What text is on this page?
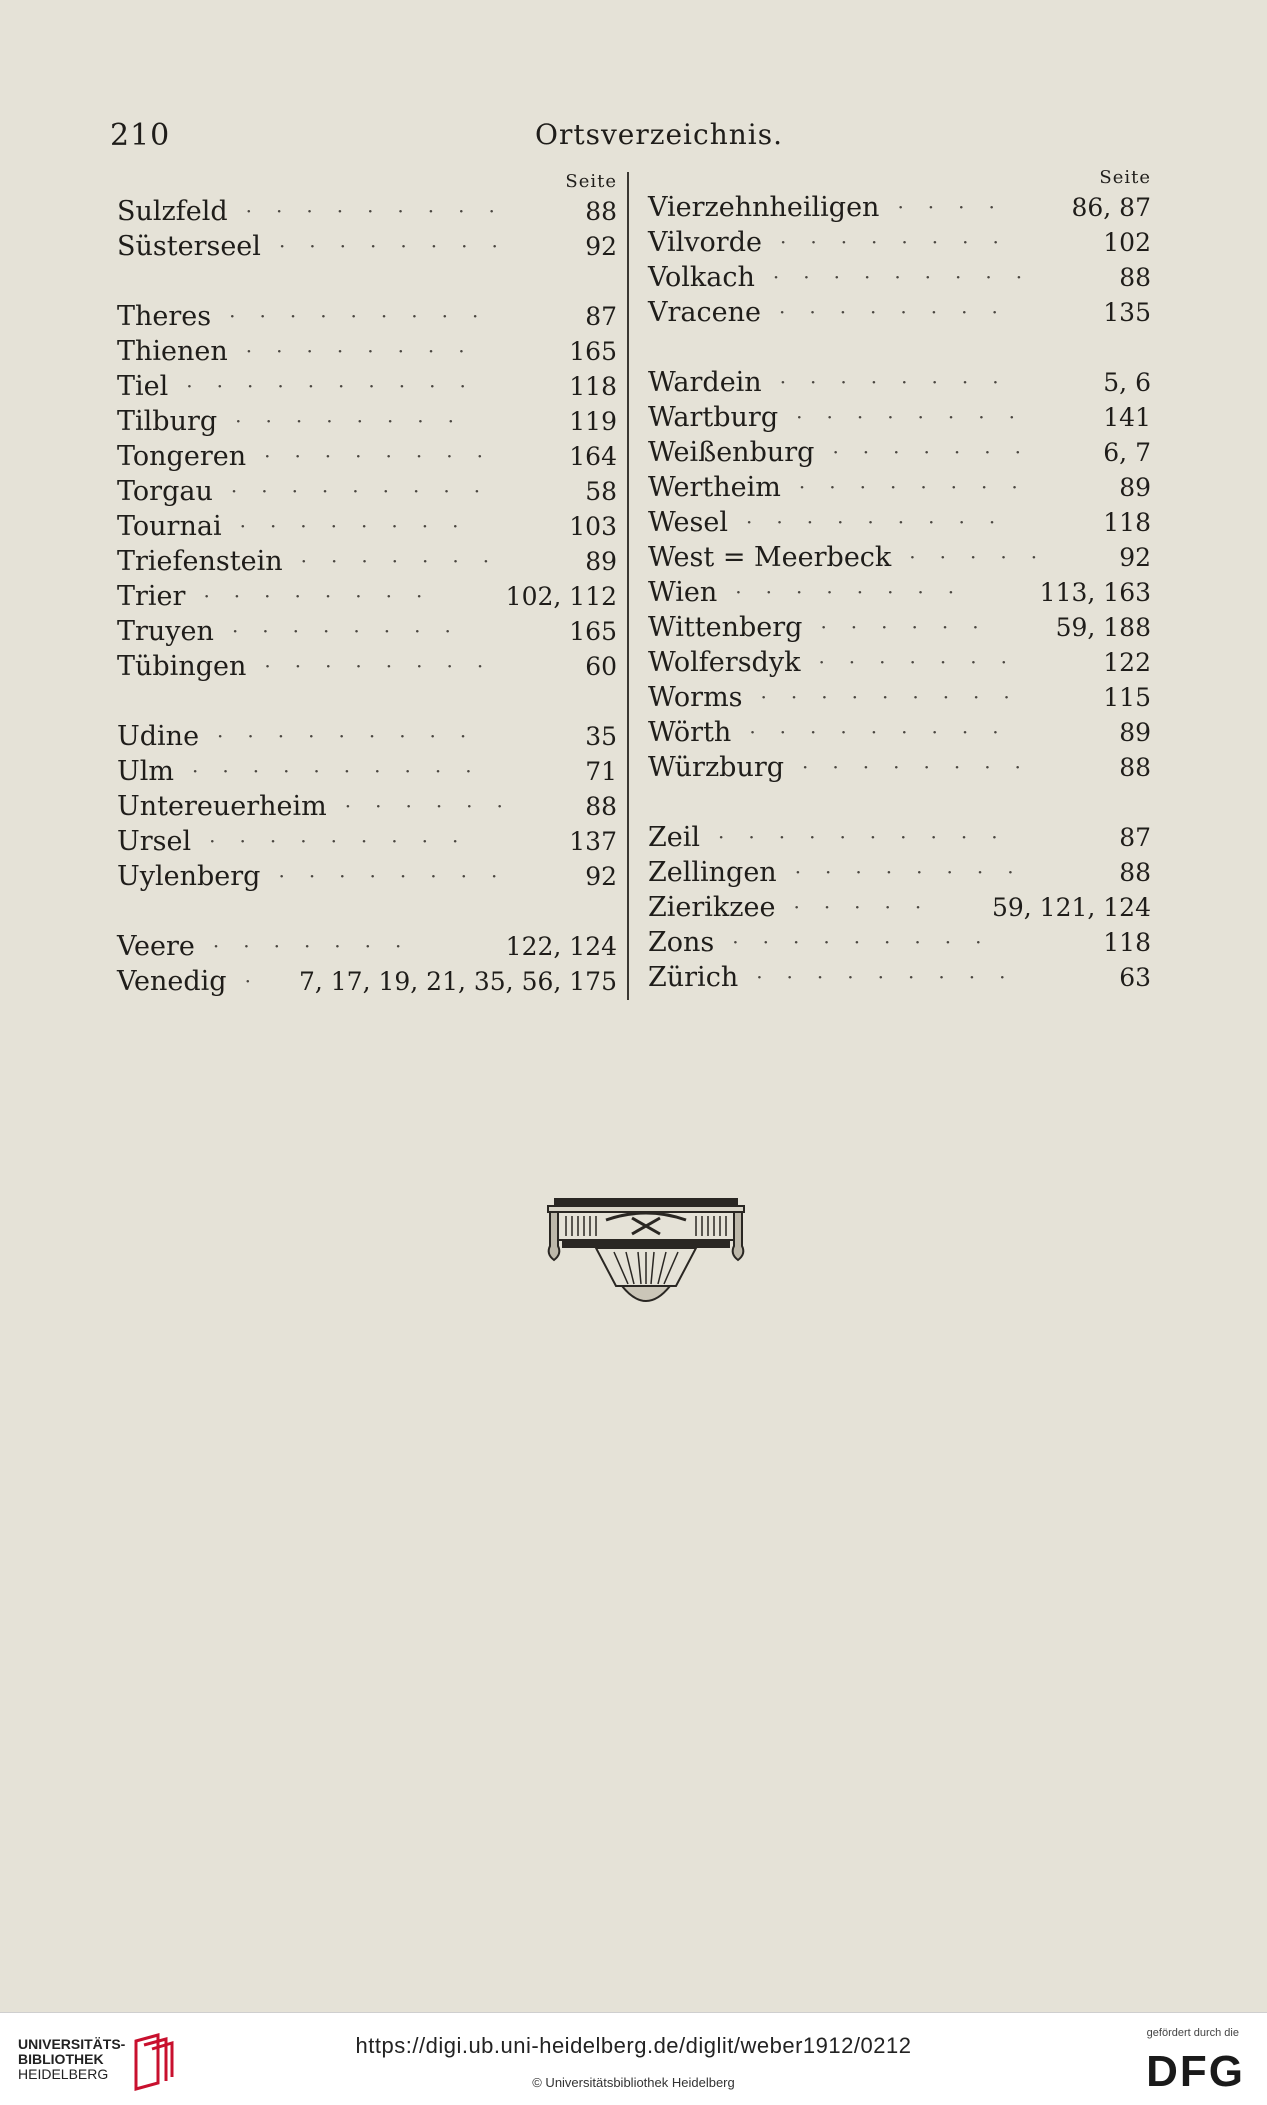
210	Ortsverzeichnis.
Seite
Sulzfeld	88
·········
Süsterseel	92
········
Theres	87
·········
Thienen	165
········
Tiel	118
··········
Tilburg	119
········
Tongeren	164
········
Torgau	58
·········
Tournai	103
········
Triefenstein	89
·······
Trier	102, 112
········
Truyen	165
········
Tübingen	60
········
Udine	35
·········
Ulm	71
··········
Untereuerheim	88
······
Ursel	137
·········
Uylenberg	92
········
Veere	122, 124
·······
Venedig	7, 17, 19, 21, 35, 56, 175
·
Seite
Vierzehnheiligen	86, 87
····
Vilvorde	102
········
Volkach	88
·········
Vracene	135
········
Wardein	5, 6
········
Wartburg	141
········
Weißenburg	6, 7
·······
Wertheim	89
········
Wesel	118
·········
West = Meerbeck	92
·····
Wien	113, 163
········
Wittenberg	59, 188
······
Wolfersdyk	122
·······
Worms	115
·········
Wörth	89
·········
Würzburg	88
········
Zeil	87
··········
Zellingen	88
········
Zierikzee	59, 121, 124
·····
Zons	118
·········
Zürich	63
·········
UNIVERSITÄTS-
BIBLIOTHEK
HEIDELBERG
https://digi.ub.uni-heidelberg.de/diglit/weber1912/0212
© Universitätsbibliothek Heidelberg
gefördert durch die
DFG
